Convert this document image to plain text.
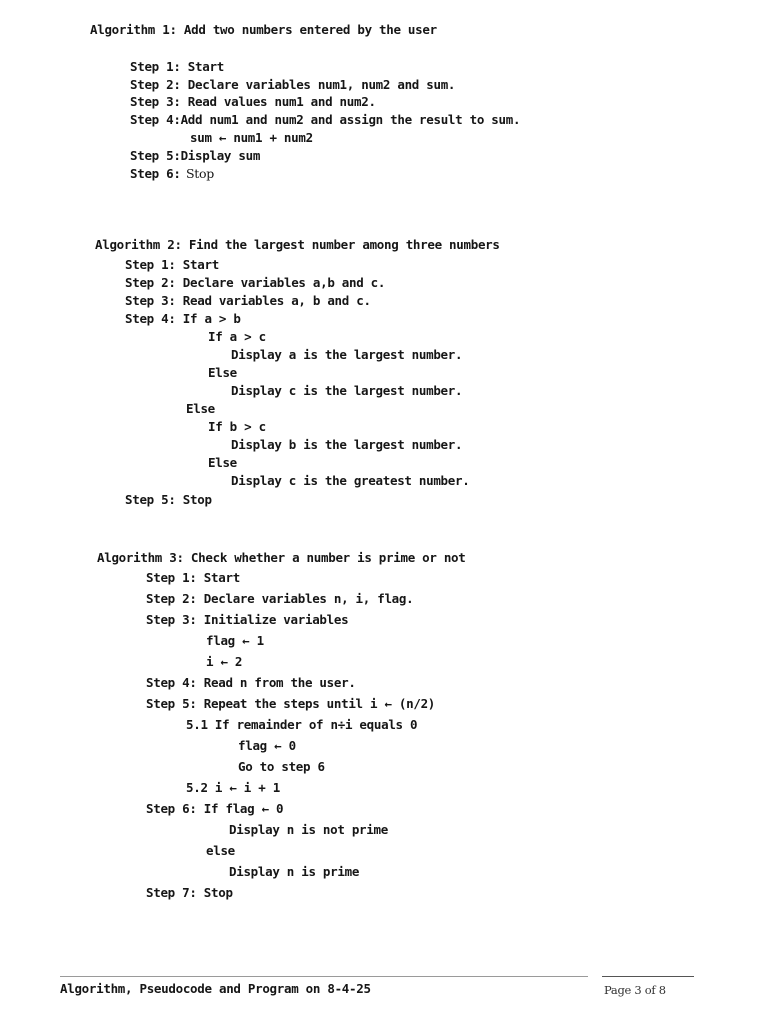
Algorithm 1: Add two numbers entered by the user
Step 1: Start
Step 2: Declare variables num1, num2 and sum.
Step 3: Read values num1 and num2.
Step 4:Add num1 and num2 and assign the result to sum.
sum ← num1 + num2
Step 5:Display sum
Step 6: Stop
Algorithm 2: Find the largest number among three numbers
Step 1: Start
Step 2: Declare variables a,b and c.
Step 3: Read variables a, b and c.
Step 4: If a > b
If a > c
Display a is the largest number.
Else
Display c is the largest number.
Else
If b > c
Display b is the largest number.
Else
Display c is the greatest number.
Step 5: Stop
Algorithm 3: Check whether a number is prime or not
Step 1: Start
Step 2: Declare variables n, i, flag.
Step 3: Initialize variables
flag ← 1
i ← 2
Step 4: Read n from the user.
Step 5: Repeat the steps until i ← (n/2)
5.1 If remainder of n÷i equals 0
flag ← 0
Go to step 6
5.2 i ← i + 1
Step 6: If flag ← 0
Display n is not prime
else
Display n is prime
Step 7: Stop
Algorithm, Pseudocode and Program on 8-4-25	Page 3 of 8
